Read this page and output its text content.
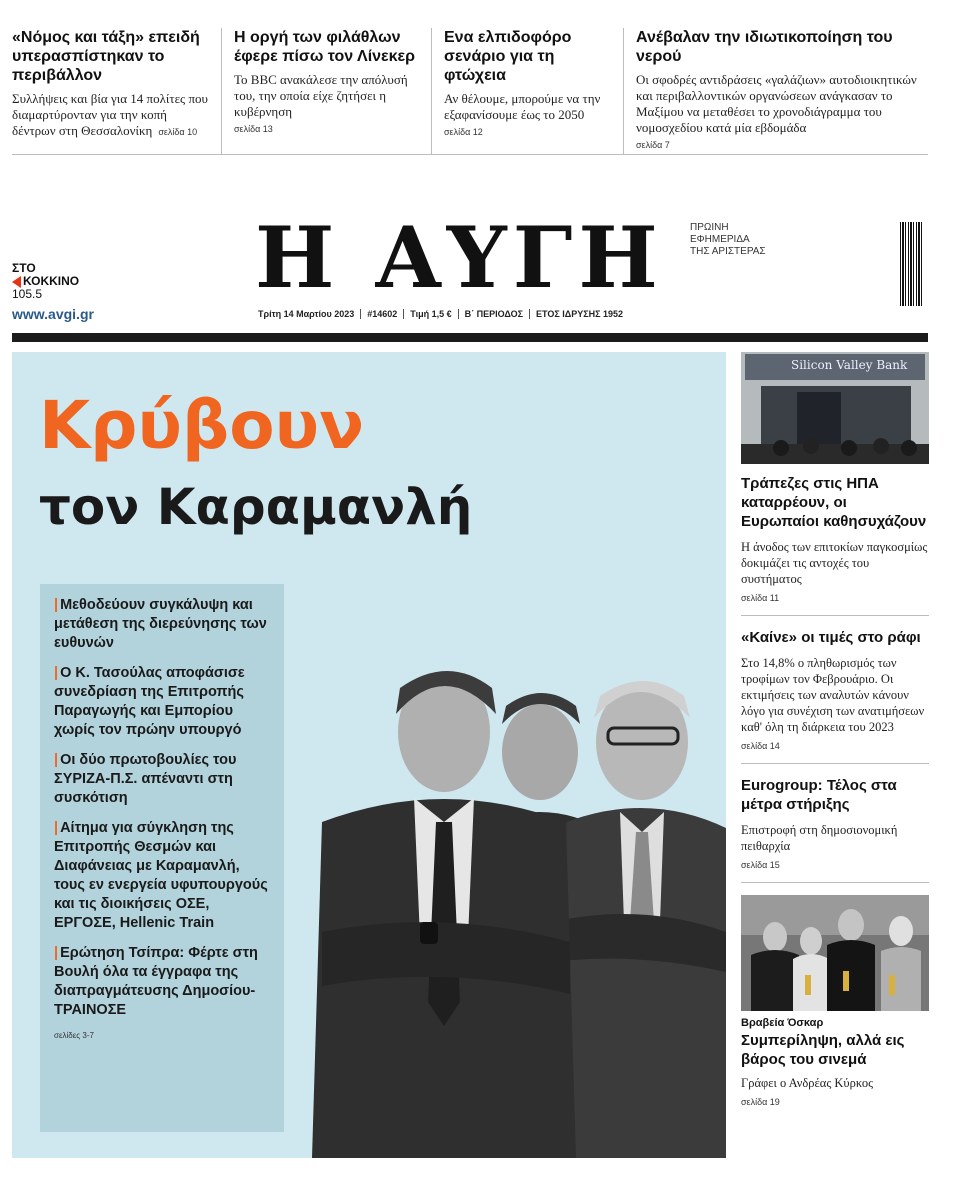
«Νόμος και τάξη» επειδή υπερασπίστηκαν το περιβάλλον

Συλλήψεις και βία για 14 πολίτες που διαμαρτύρονταν για την κοπή δέντρων στη Θεσσαλονίκη σελίδα 10

Η οργή των φιλάθλων έφερε πίσω τον Λίνεκερ

Το BBC ανακάλεσε την απόλυσή του, την οποία είχε ζητήσει η κυβέρνηση

σελίδα 13
Ενα ελπιδοφόρο σενάριο για τη φτώχεια

Αν θέλουμε, μπορούμε να την εξαφανίσουμε έως το 2050

σελίδα 12
Ανέβαλαν την ιδιωτικοποίηση του νερού

Οι σφοδρές αντιδράσεις «γαλάζιων» αυτοδιοικητικών και περιβαλλοντικών οργανώσεων ανάγκασαν το Μαξίμου να μεταθέσει το χρονοδιάγραμμα του νομοσχεδίου κατά μία εβδομάδα

σελίδα 7
Η ΑΥΓΗ	ΠΡΩΙΝΗ
ΕΦΗΜΕΡΙΔΑ
ΤΗΣ ΑΡΙΣΤΕΡΑΣ
ΣΤΟ
ΚΟΚΚΙΝΟ
105.5
www.avgi.gr	Τρίτη 14 Μαρτίου 2023	#14602	Τιμή 1,5 €	Β΄ ΠΕΡΙΟΔΟΣ	ΕΤΟΣ ΙΔΡΥΣΗΣ 1952
Κρύβουν
τον Καραμανλή
| Μεθοδεύουν συγκάλυψη και μετάθεση της διερεύνησης των ευθυνών
| Ο Κ. Τασούλας αποφάσισε συνεδρίαση της Επιτροπής Παραγωγής και Εμπορίου χωρίς τον πρώην υπουργό
| Οι δύο πρωτοβουλίες του ΣΥΡΙΖΑ-Π.Σ. απέναντι στη συσκότιση
| Αίτημα για σύγκληση της Επιτροπής Θεσμών και Διαφάνειας με Καραμανλή, τους εν ενεργεία υφυπουργούς και τις διοικήσεις ΟΣΕ, ΕΡΓΟΣΕ, Hellenic Train
| Ερώτηση Τσίπρα: Φέρτε στη Βουλή όλα τα έγγραφα της διαπραγμάτευσης Δημοσίου-ΤΡΑΙΝΟΣΕ
σελίδες 3-7
Silicon Valley Bank
Τράπεζες στις ΗΠΑ καταρρέουν, οι Ευρωπαίοι καθησυχάζουν

Η άνοδος των επιτοκίων παγκοσμίως δοκιμάζει τις αντοχές του συστήματος

σελίδα 11
«Καίνε» οι τιμές στο ράφι

Στο 14,8% ο πληθωρισμός των τροφίμων τον Φεβρουάριο. Οι εκτιμήσεις των αναλυτών κάνουν λόγο για συνέχιση των ανατιμήσεων καθ' όλη τη διάρκεια του 2023

σελίδα 14
Eurogroup: Τέλος στα μέτρα στήριξης

Επιστροφή στη δημοσιονομική πειθαρχία

σελίδα 15
Βραβεία Όσκαρ
Συμπερίληψη, αλλά εις βάρος του σινεμά

Γράφει ο Ανδρέας Κύρκος

σελίδα 19
